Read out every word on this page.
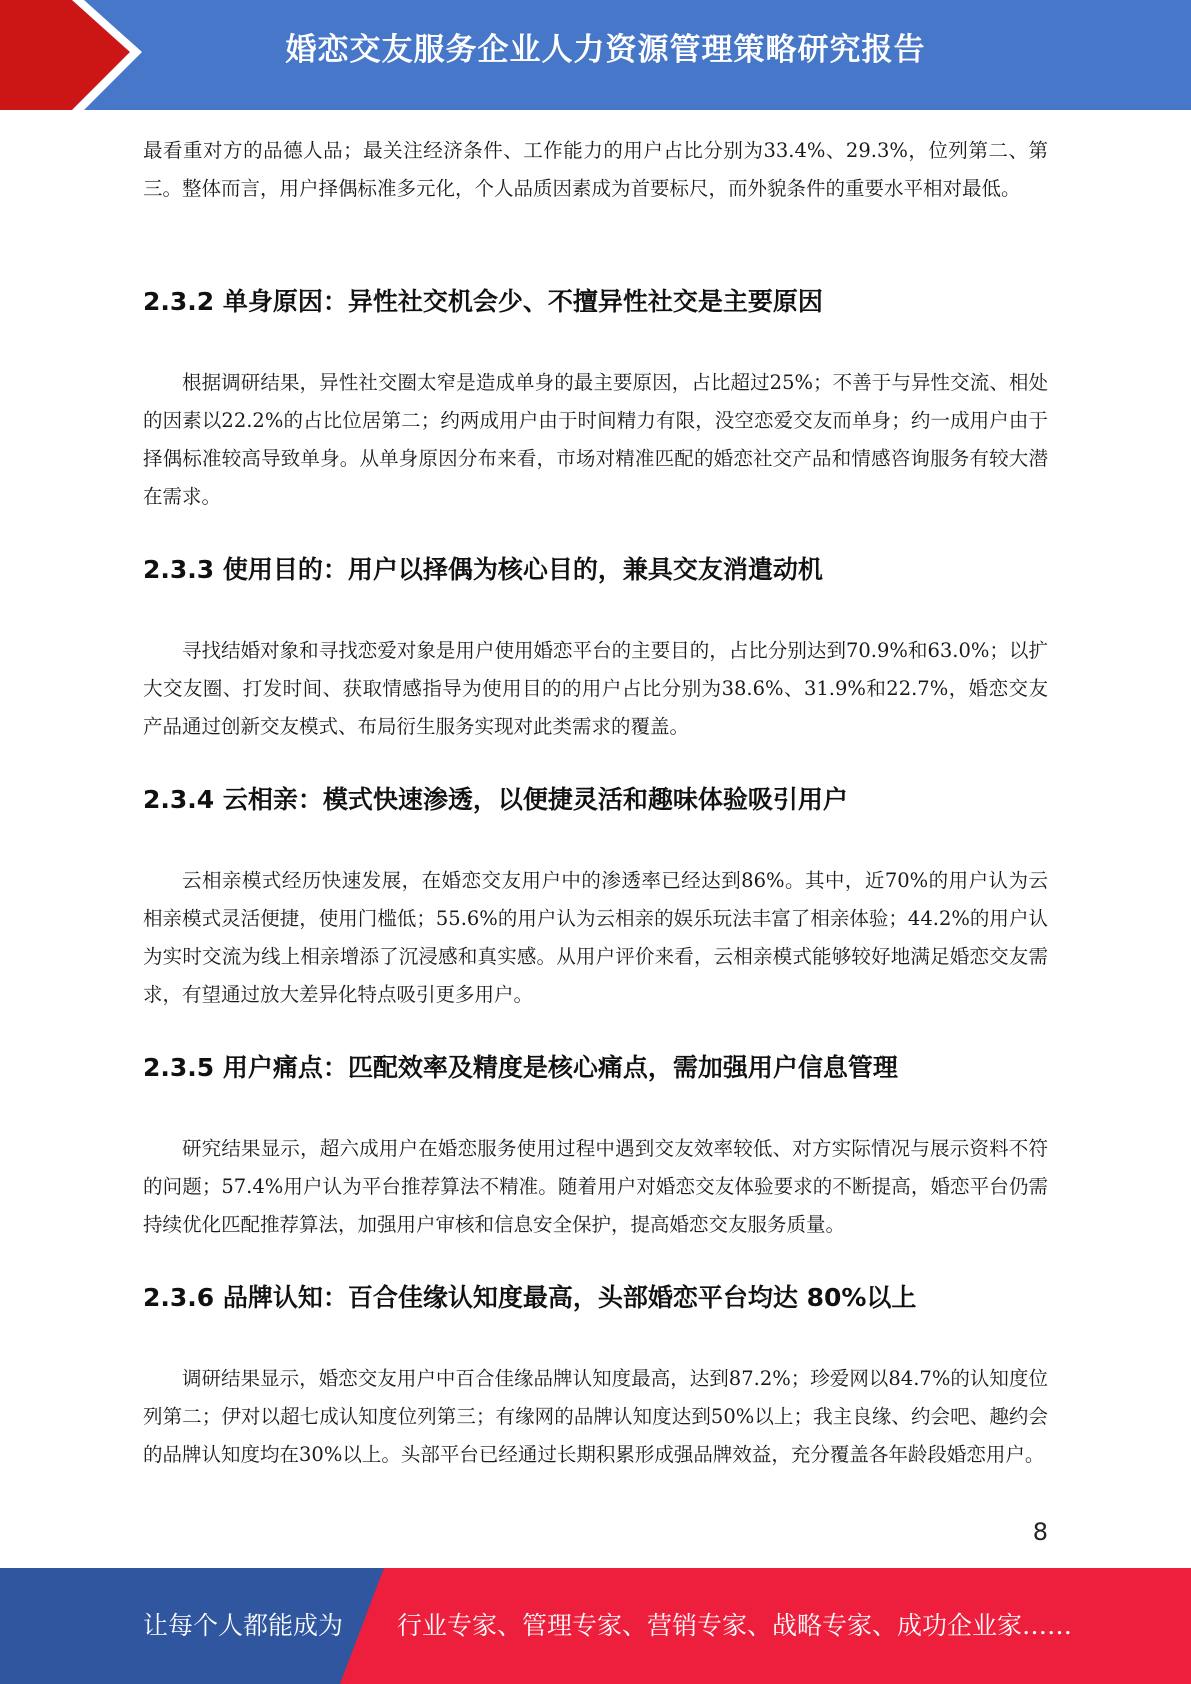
婚恋交友服务企业人力资源管理策略研究报告

最看重对方的品德人品；最关注经济条件、工作能力的用户占比分别为33.4%、29.3%，位列第二、第三。整体而言，用户择偶标准多元化，个人品质因素成为首要标尺，而外貌条件的重要水平相对最低。

2.3.2 单身原因：异性社交机会少、不擅异性社交是主要原因

根据调研结果，异性社交圈太窄是造成单身的最主要原因，占比超过25%；不善于与异性交流、相处的因素以22.2%的占比位居第二；约两成用户由于时间精力有限，没空恋爱交友而单身；约一成用户由于择偶标准较高导致单身。从单身原因分布来看，市场对精准匹配的婚恋社交产品和情感咨询服务有较大潜在需求。

2.3.3 使用目的：用户以择偶为核心目的，兼具交友消遣动机

寻找结婚对象和寻找恋爱对象是用户使用婚恋平台的主要目的，占比分别达到70.9%和63.0%；以扩大交友圈、打发时间、获取情感指导为使用目的的用户占比分别为38.6%、31.9%和22.7%，婚恋交友产品通过创新交友模式、布局衍生服务实现对此类需求的覆盖。

2.3.4 云相亲：模式快速渗透，以便捷灵活和趣味体验吸引用户

云相亲模式经历快速发展，在婚恋交友用户中的渗透率已经达到86%。其中，近70%的用户认为云相亲模式灵活便捷，使用门槛低；55.6%的用户认为云相亲的娱乐玩法丰富了相亲体验；44.2%的用户认为实时交流为线上相亲增添了沉浸感和真实感。从用户评价来看，云相亲模式能够较好地满足婚恋交友需求，有望通过放大差异化特点吸引更多用户。

2.3.5 用户痛点：匹配效率及精度是核心痛点，需加强用户信息管理

研究结果显示，超六成用户在婚恋服务使用过程中遇到交友效率较低、对方实际情况与展示资料不符的问题；57.4%用户认为平台推荐算法不精准。随着用户对婚恋交友体验要求的不断提高，婚恋平台仍需持续优化匹配推荐算法，加强用户审核和信息安全保护，提高婚恋交友服务质量。

2.3.6 品牌认知：百合佳缘认知度最高，头部婚恋平台均达 80%以上

调研结果显示，婚恋交友用户中百合佳缘品牌认知度最高，达到87.2%；珍爱网以84.7%的认知度位列第二；伊对以超七成认知度位列第三；有缘网的品牌认知度达到50%以上；我主良缘、约会吧、趣约会的品牌认知度均在30%以上。头部平台已经通过长期积累形成强品牌效益，充分覆盖各年龄段婚恋用户。

8
让每个人都能成为 行业专家、管理专家、营销专家、战略专家、成功企业家……
